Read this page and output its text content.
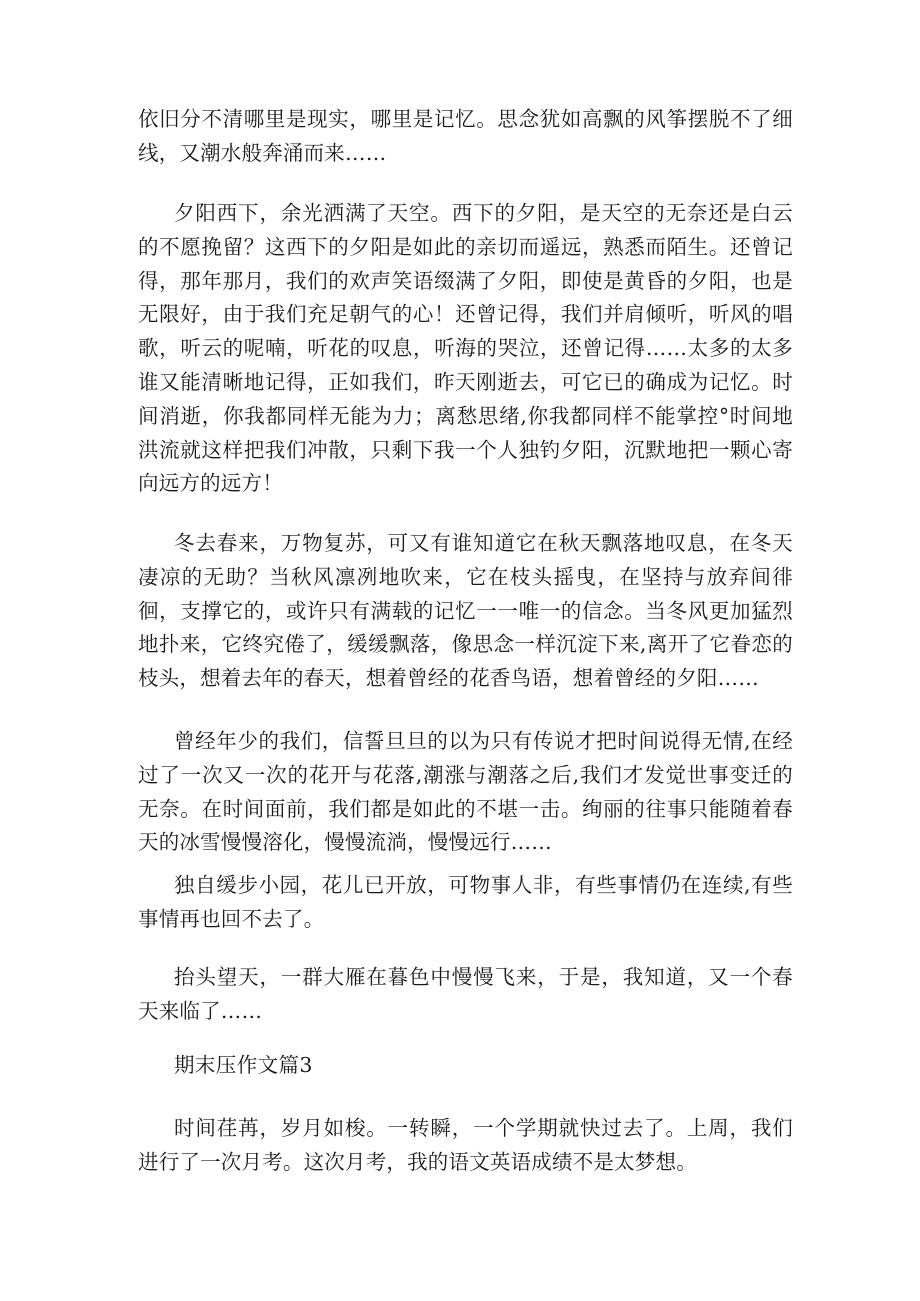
依旧分不清哪里是现实，哪里是记忆。思念犹如高飘的风筝摆脱不了细线，又潮水般奔涌而来……

夕阳西下，余光洒满了天空。西下的夕阳，是天空的无奈还是白云的不愿挽留？这西下的夕阳是如此的亲切而遥远，熟悉而陌生。还曾记得，那年那月，我们的欢声笑语缀满了夕阳，即使是黄昏的夕阳，也是无限好，由于我们充足朝气的心！还曾记得，我们并肩倾听，听风的唱歌，听云的呢喃，听花的叹息，听海的哭泣，还曾记得……太多的太多谁又能清晰地记得，正如我们，昨天刚逝去，可它已的确成为记忆。时间消逝，你我都同样无能为力；离愁思绪,你我都同样不能掌控°时间地洪流就这样把我们冲散，只剩下我一个人独钓夕阳，沉默地把一颗心寄向远方的远方！

冬去春来，万物复苏，可又有谁知道它在秋天飘落地叹息，在冬天凄凉的无助？当秋风凛冽地吹来，它在枝头摇曳，在坚持与放弃间徘徊，支撑它的，或许只有满载的记忆一一唯一的信念。当冬风更加猛烈地扑来，它终究倦了，缓缓飘落，像思念一样沉淀下来,离开了它眷恋的枝头，想着去年的春天，想着曾经的花香鸟语，想着曾经的夕阳……

曾经年少的我们，信誓旦旦的以为只有传说才把时间说得无情,在经过了一次又一次的花开与花落,潮涨与潮落之后,我们才发觉世事变迁的无奈。在时间面前，我们都是如此的不堪一击。绚丽的往事只能随着春天的冰雪慢慢溶化，慢慢流淌，慢慢远行……

独自缓步小园，花儿已开放，可物事人非，有些事情仍在连续,有些事情再也回不去了。

抬头望天，一群大雁在暮色中慢慢飞来，于是，我知道，又一个春天来临了……

期末压作文篇3

时间荏苒，岁月如梭。一转瞬，一个学期就快过去了。上周，我们进行了一次月考。这次月考，我的语文英语成绩不是太梦想。
